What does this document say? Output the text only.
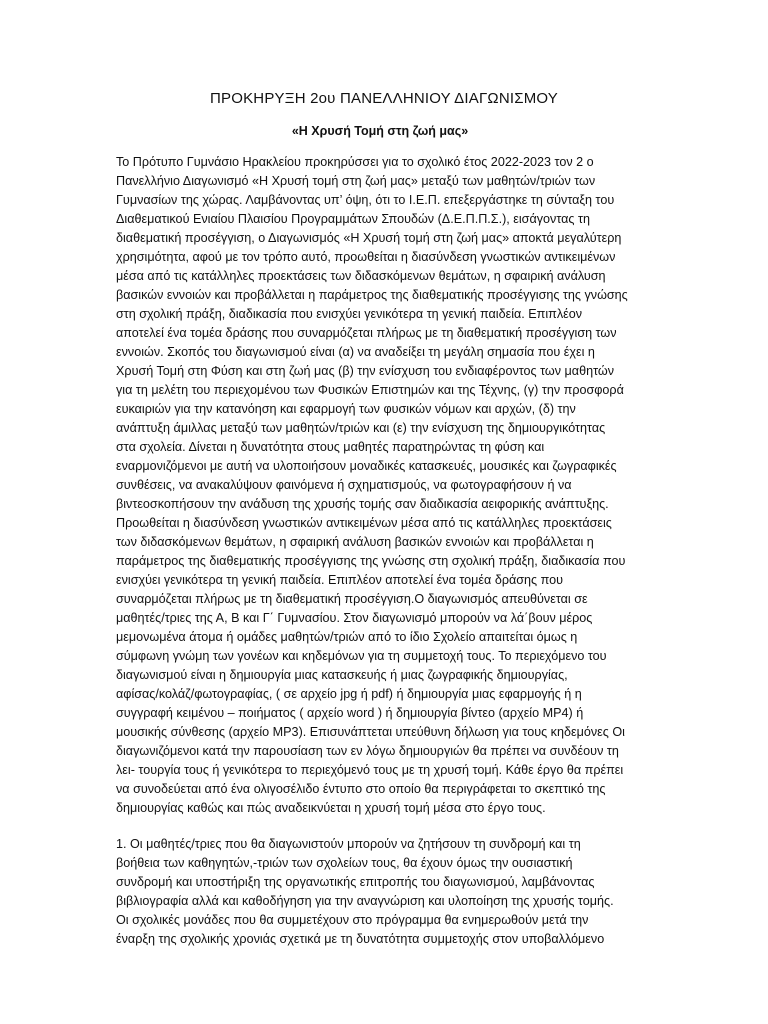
ΠΡΟΚΗΡΥΞΗ 2ου ΠΑΝΕΛΛΗΝΙΟΥ ΔΙΑΓΩΝΙΣΜΟΥ
«Η Χρυσή Τομή στη ζωή μας»
Το Πρότυπο Γυμνάσιο Ηρακλείου προκηρύσσει για το σχολικό έτος 2022-2023 τον 2 ο
Πανελλήνιο Διαγωνισμό «Η Χρυσή τομή στη ζωή μας» μεταξύ των μαθητών/τριών των
Γυμνασίων της χώρας. Λαμβάνοντας υπ’ όψη, ότι το Ι.Ε.Π. επεξεργάστηκε τη σύνταξη του
Διαθεματικού Ενιαίου Πλαισίου Προγραμμάτων Σπουδών (Δ.Ε.Π.Π.Σ.), εισάγοντας τη
διαθεματική προσέγγιση, ο Διαγωνισμός «Η Χρυσή τομή στη ζωή μας» αποκτά μεγαλύτερη
χρησιμότητα, αφού με τον τρόπο αυτό, προωθείται η διασύνδεση γνωστικών αντικειμένων
μέσα από τις κατάλληλες προεκτάσεις των διδασκόμενων θεμάτων, η σφαιρική ανάλυση
βασικών εννοιών και προβάλλεται η παράμετρος της διαθεματικής προσέγγισης της γνώσης
στη σχολική πράξη, διαδικασία που ενισχύει γενικότερα τη γενική παιδεία. Επιπλέον
αποτελεί ένα τομέα δράσης που συναρμόζεται πλήρως με τη διαθεματική προσέγγιση των
εννοιών. Σκοπός του διαγωνισμού είναι (α) να αναδείξει τη μεγάλη σημασία που έχει η
Χρυσή Τομή στη Φύση και στη ζωή μας (β) την ενίσχυση του ενδιαφέροντος των μαθητών
για τη μελέτη του περιεχομένου των Φυσικών Επιστημών και της Τέχνης, (γ) την προσφορά
ευκαιριών για την κατανόηση και εφαρμογή των φυσικών νόμων και αρχών, (δ) την
ανάπτυξη άμιλλας μεταξύ των μαθητών/τριών και (ε) την ενίσχυση της δημιουργικότητας
στα σχολεία. Δίνεται η δυνατότητα στους μαθητές παρατηρώντας τη φύση και
εναρμονιζόμενοι με αυτή να υλοποιήσουν μοναδικές κατασκευές, μουσικές και ζωγραφικές
συνθέσεις, να ανακαλύψουν φαινόμενα ή σχηματισμούς, να φωτογραφήσουν ή να
βιντεοσκοπήσουν την ανάδυση της χρυσής τομής σαν διαδικασία αειφορικής ανάπτυξης.
Προωθείται η διασύνδεση γνωστικών αντικειμένων μέσα από τις κατάλληλες προεκτάσεις
των διδασκόμενων θεμάτων, η σφαιρική ανάλυση βασικών εννοιών και προβάλλεται η
παράμετρος της διαθεματικής προσέγγισης της γνώσης στη σχολική πράξη, διαδικασία που
ενισχύει γενικότερα τη γενική παιδεία. Επιπλέον αποτελεί ένα τομέα δράσης που
συναρμόζεται πλήρως με τη διαθεματική προσέγγιση.Ο διαγωνισμός απευθύνεται σε
μαθητές/τριες της Α, Β και Γ΄ Γυμνασίου. Στον διαγωνισμό μπορούν να λά΄βουν μέρος
μεμονωμένα άτομα ή ομάδες μαθητών/τριών από το ίδιο Σχολείο απαιτείται όμως η
σύμφωνη γνώμη των γονέων και κηδεμόνων για τη συμμετοχή τους. Το περιεχόμενο του
διαγωνισμού είναι η δημιουργία μιας κατασκευής ή μιας ζωγραφικής δημιουργίας,
αφίσας/κολάζ/φωτογραφίας, ( σε αρχείο jpg ή pdf) ή δημιουργία μιας εφαρμογής ή η
συγγραφή κειμένου – ποιήματος ( αρχείο word ) ή δημιουργία βίντεο (αρχείο MP4) ή
μουσικής σύνθεσης (αρχείο MP3). Επισυνάπτεται υπεύθυνη δήλωση για τους κηδεμόνες Οι
διαγωνιζόμενοι κατά την παρουσίαση των εν λόγω δημιουργιών θα πρέπει να συνδέουν τη
λει- τουργία τους ή γενικότερα το περιεχόμενό τους με τη χρυσή τομή. Κάθε έργο θα πρέπει
να συνοδεύεται από ένα ολιγοσέλιδο έντυπο στο οποίο θα περιγράφεται το σκεπτικό της
δημιουργίας καθώς και πώς αναδεικνύεται η χρυσή τομή μέσα στο έργο τους.
1. Οι μαθητές/τριες που θα διαγωνιστούν μπορούν να ζητήσουν τη συνδρομή και τη
βοήθεια των καθηγητών,-τριών των σχολείων τους, θα έχουν όμως την ουσιαστική
συνδρομή και υποστήριξη της οργανωτικής επιτροπής του διαγωνισμού, λαμβάνοντας
βιβλιογραφία αλλά και καθοδήγηση για την αναγνώριση και υλοποίηση της χρυσής τομής.
Οι σχολικές μονάδες που θα συμμετέχουν στο πρόγραμμα θα ενημερωθούν μετά την
έναρξη της σχολικής χρονιάς σχετικά με τη δυνατότητα συμμετοχής στον υποβαλλόμενο
